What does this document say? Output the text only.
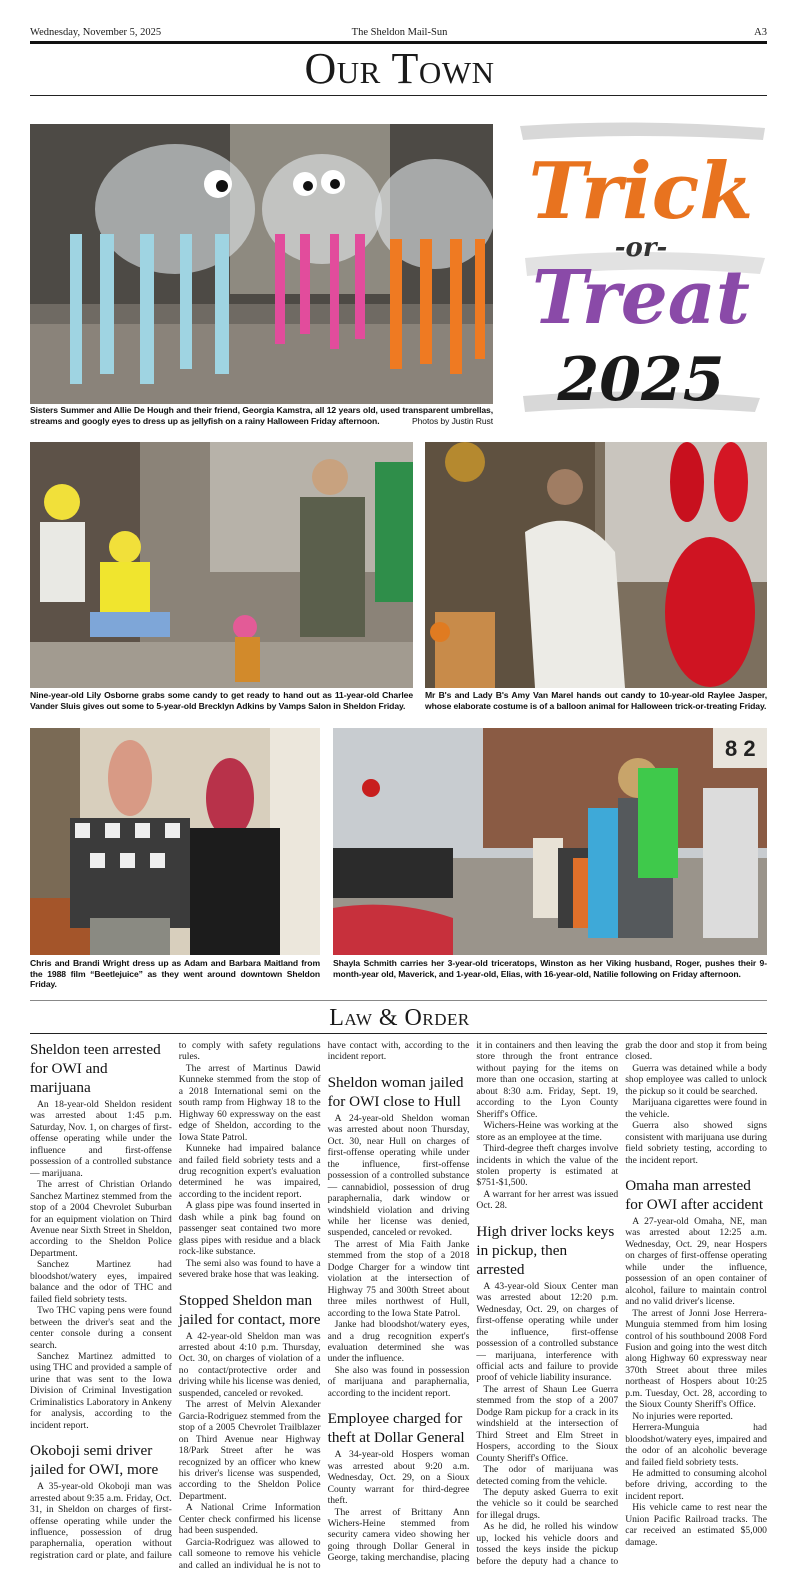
Wednesday, November 5, 2025	The Sheldon Mail-Sun	A3
Our Town
Trick
-or-
Treat
2025
Sisters Summer and Allie De Hough and their friend, Georgia Kamstra, all 12 years old, used transparent umbrellas, streams and googly eyes to dress up as jellyfish on a rainy Halloween Friday afternoon.	Photos by Justin Rust
Nine-year-old Lily Osborne grabs some candy to get ready to hand out as 11-year-old Charlee Vander Sluis gives out some to 5-year-old Brecklyn Adkins by Vamps Salon in Sheldon Friday.
Mr B's and Lady B's Amy Van Marel hands out candy to 10-year-old Raylee Jasper, whose elaborate costume is of a balloon animal for Halloween trick-or-treating Friday.
8 2
Chris and Brandi Wright dress up as Adam and Barbara Maitland from the 1988 film “Beetlejuice” as they went around downtown Sheldon Friday.
Shayla Schmith carries her 3-year-old triceratops, Winston as her Viking husband, Roger, pushes their 9-month-year old, Maverick, and 1-year-old, Elias, with 16-year-old, Natilie following on Friday afternoon.
Law & Order
Sheldon teen arrested for OWI and marijuana

An 18-year-old Sheldon resident was arrested about 1:45 p.m. Saturday, Nov. 1, on charges of first-offense operating while under the influence and first-offense possession of a controlled substance — marijuana.

The arrest of Christian Orlando Sanchez Martinez stemmed from the stop of a 2004 Chevrolet Suburban for an equipment violation on Third Avenue near Sixth Street in Sheldon, according to the Sheldon Police Department.

Sanchez Martinez had bloodshot/watery eyes, impaired balance and the odor of THC and failed field sobriety tests.

Two THC vaping pens were found between the driver's seat and the center console during a consent search.

Sanchez Martinez admitted to using THC and provided a sample of urine that was sent to the Iowa Division of Criminal Investigation Criminalistics Laboratory in Ankeny for analysis, according to the incident report.

Okoboji semi driver jailed for OWI, more

A 35-year-old Okoboji man was arrested about 9:35 a.m. Friday, Oct. 31, in Sheldon on charges of first-offense operating while under the influence, possession of drug paraphernalia, operation without registration card or plate, and failure to comply with safety regulations rules.

The arrest of Martinus Dawid Kunneke stemmed from the stop of a 2018 International semi on the south ramp from Highway 18 to the Highway 60 expressway on the east edge of Sheldon, according to the Iowa State Patrol.

Kunneke had impaired balance and failed field sobriety tests and a drug recognition expert's evaluation determined he was impaired, according to the incident report.

A glass pipe was found inserted in dash while a pink bag found on passenger seat contained two more glass pipes with residue and a black rock-like substance.

The semi also was found to have a severed brake hose that was leaking.

Stopped Sheldon man jailed for contact, more

A 42-year-old Sheldon man was arrested about 4:10 p.m. Thursday, Oct. 30, on charges of violation of a no contact/protective order and driving while his license was denied, suspended, canceled or revoked.

The arrest of Melvin Alexander Garcia-Rodriguez stemmed from the stop of a 2005 Chevrolet Trailblazer on Third Avenue near Highway 18/Park Street after he was recognized by an officer who knew his driver's license was suspended, according to the Sheldon Police Department.

A National Crime Information Center check confirmed his license had been suspended.

Garcia-Rodriguez was allowed to call someone to remove his vehicle and called an individual he is not to have contact with, according to the incident report.

Sheldon woman jailed for OWI close to Hull

A 24-year-old Sheldon woman was arrested about noon Thursday, Oct. 30, near Hull on charges of first-offense operating while under the influence, first-offense possession of a controlled substance — cannabidiol, possession of drug paraphernalia, dark window or windshield violation and driving while her license was denied, suspended, canceled or revoked.

The arrest of Mia Faith Janke stemmed from the stop of a 2018 Dodge Charger for a window tint violation at the intersection of Highway 75 and 300th Street about three miles northwest of Hull, according to the Iowa State Patrol.

Janke had bloodshot/watery eyes, and a drug recognition expert's evaluation determined she was under the influence.

She also was found in possession of marijuana and paraphernalia, according to the incident report.

Employee charged for theft at Dollar General

A 34-year-old Hospers woman was arrested about 9:20 a.m. Wednesday, Oct. 29, on a Sioux County warrant for third-degree theft.

The arrest of Brittany Ann Wichers-Heine stemmed from security camera video showing her going through Dollar General in George, taking merchandise, placing it in containers and then leaving the store through the front entrance without paying for the items on more than one occasion, starting at about 8:30 a.m. Friday, Sept. 19, according to the Lyon County Sheriff's Office.

Wichers-Heine was working at the store as an employee at the time.

Third-degree theft charges involve incidents in which the value of the stolen property is estimated at $751-$1,500.

A warrant for her arrest was issued Oct. 28.

High driver locks keys in pickup, then arrested

A 43-year-old Sioux Center man was arrested about 12:20 p.m. Wednesday, Oct. 29, on charges of first-offense operating while under the influence, first-offense possession of a controlled substance — marijuana, interference with official acts and failure to provide proof of vehicle liability insurance.

The arrest of Shaun Lee Guerra stemmed from the stop of a 2007 Dodge Ram pickup for a crack in its windshield at the intersection of Third Street and Elm Street in Hospers, according to the Sioux County Sheriff's Office.

The odor of marijuana was detected coming from the vehicle.

The deputy asked Guerra to exit the vehicle so it could be searched for illegal drugs.

As he did, he rolled his window up, locked his vehicle doors and tossed the keys inside the pickup before the deputy had a chance to grab the door and stop it from being closed.

Guerra was detained while a body shop employee was called to unlock the pickup so it could be searched.

Marijuana cigarettes were found in the vehicle.

Guerra also showed signs consistent with marijuana use during field sobriety testing, according to the incident report.

Omaha man arrested for OWI after accident

A 27-year-old Omaha, NE, man was arrested about 12:25 a.m. Wednesday, Oct. 29, near Hospers on charges of first-offense operating while under the influence, possession of an open container of alcohol, failure to maintain control and no valid driver's license.

The arrest of Jonni Jose Herrera-Munguia stemmed from him losing control of his southbound 2008 Ford Fusion and going into the west ditch along Highway 60 expressway near 370th Street about three miles northeast of Hospers about 10:25 p.m. Tuesday, Oct. 28, according to the Sioux County Sheriff's Office.

No injuries were reported.

Herrera-Munguia had bloodshot/watery eyes, impaired and the odor of an alcoholic beverage and failed field sobriety tests.

He admitted to consuming alcohol before driving, according to the incident report.

His vehicle came to rest near the Union Pacific Railroad tracks. The car received an estimated $5,000 damage.
